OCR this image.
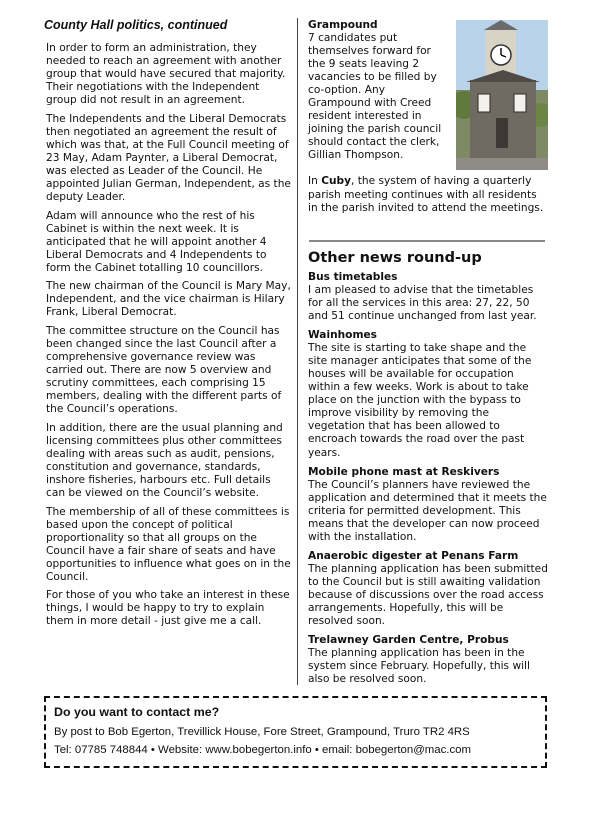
County Hall politics, continued

In order to form an administration, they needed to reach an agreement with another group that would have secured that majority. Their negotiations with the Independent group did not result in an agreement.

The Independents and the Liberal Democrats then negotiated an agreement the result of which was that, at the Full Council meeting of 23 May, Adam Paynter, a Liberal Democrat, was elected as Leader of the Council. He appointed Julian German, Independent, as the deputy Leader.

Adam will announce who the rest of his Cabinet is within the next week. It is anticipated that he will appoint another 4 Liberal Democrats and 4 Independents to form the Cabinet totalling 10 councillors.

The new chairman of the Council is Mary May, Independent, and the vice chairman is Hilary Frank, Liberal Democrat.

The committee structure on the Council has been changed since the last Council after a comprehensive governance review was carried out. There are now 5 overview and scrutiny committees, each comprising 15 members, dealing with the different parts of the Council’s operations.

In addition, there are the usual planning and licensing committees plus other committees dealing with areas such as audit, pensions, constitution and governance, standards, inshore fisheries, harbours etc. Full details can be viewed on the Council’s website.

The membership of all of these committees is based upon the concept of political proportionality so that all groups on the Council have a fair share of seats and have opportunities to influence what goes on in the Council.

For those of you who take an interest in these things, I would be happy to try to explain them in more detail - just give me a call.

Grampound

7 candidates put themselves forward for the 9 seats leaving 2 vacancies to be filled by co-option. Any Grampound with Creed resident interested in joining the parish council should contact the clerk, Gillian Thompson.

In Cuby, the system of having a quarterly parish meeting continues with all residents in the parish invited to attend the meetings.

Other news round-up
Bus timetables

I am pleased to advise that the timetables for all the services in this area: 27, 22, 50 and 51 continue unchanged from last year.

Wainhomes

The site is starting to take shape and the site manager anticipates that some of the houses will be available for occupation within a few weeks. Work is about to take place on the junction with the bypass to improve visibility by removing the vegetation that has been allowed to encroach towards the road over the past years.

Mobile phone mast at Reskivers

The Council’s planners have reviewed the application and determined that it meets the criteria for permitted development. This means that the developer can now proceed with the installation.

Anaerobic digester at Penans Farm

The planning application has been submitted to the Council but is still awaiting validation because of discussions over the road access arrangements. Hopefully, this will be resolved soon.

Trelawney Garden Centre, Probus

The planning application has been in the system since February. Hopefully, this will also be resolved soon.

Do you want to contact me?
By post to Bob Egerton, Trevillick House, Fore Street, Grampound, Truro TR2 4RS
Tel: 07785 748844 • Website: www.bobegerton.info • email: bobegerton@mac.com
